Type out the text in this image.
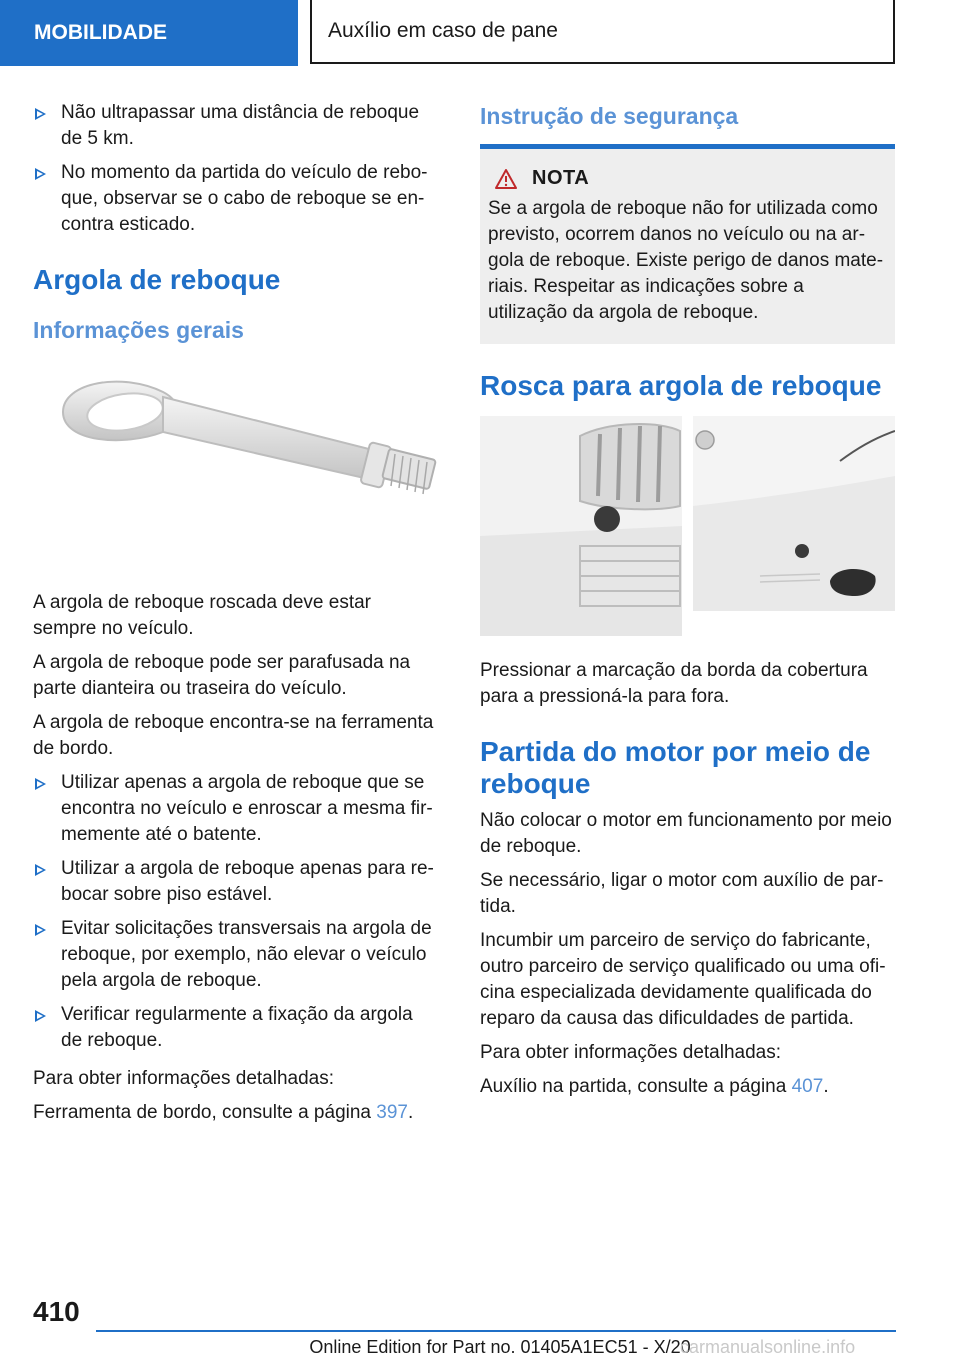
MOBILIDADE	Auxílio em caso de pane
Não ultrapassar uma distância de reboque de 5 km.
No momento da partida do veículo de reboque, observar se o cabo de reboque se encontra esticado.
Argola de reboque
Informações gerais

A argola de reboque roscada deve estar sempre no veículo.

A argola de reboque pode ser parafusada na parte dianteira ou traseira do veículo.

A argola de reboque encontra-se na ferramenta de bordo.

Utilizar apenas a argola de reboque que se encontra no veículo e enroscar a mesma firmemente até o batente.
Utilizar a argola de reboque apenas para rebocar sobre piso estável.
Evitar solicitações transversais na argola de reboque, por exemplo, não elevar o veículo pela argola de reboque.
Verificar regularmente a fixação da argola de reboque.

Para obter informações detalhadas:

Ferramenta de bordo, consulte a página 397.

Instrução de segurança
NOTA

Se a argola de reboque não for utilizada como previsto, ocorrem danos no veículo ou na argola de reboque. Existe perigo de danos materiais. Respeitar as indicações sobre a utilização da argola de reboque.

Rosca para argola de reboque

Pressionar a marcação da borda da cobertura para a pressioná-la para fora.

Partida do motor por meio de reboque

Não colocar o motor em funcionamento por meio de reboque.

Se necessário, ligar o motor com auxílio de partida.

Incumbir um parceiro de serviço do fabricante, outro parceiro de serviço qualificado ou uma oficina especializada devidamente qualificada do reparo da causa das dificuldades de partida.

Para obter informações detalhadas:

Auxílio na partida, consulte a página 407.

410
Online Edition for Part no. 01405A1EC51 - X/20
carmanualsonline.info
